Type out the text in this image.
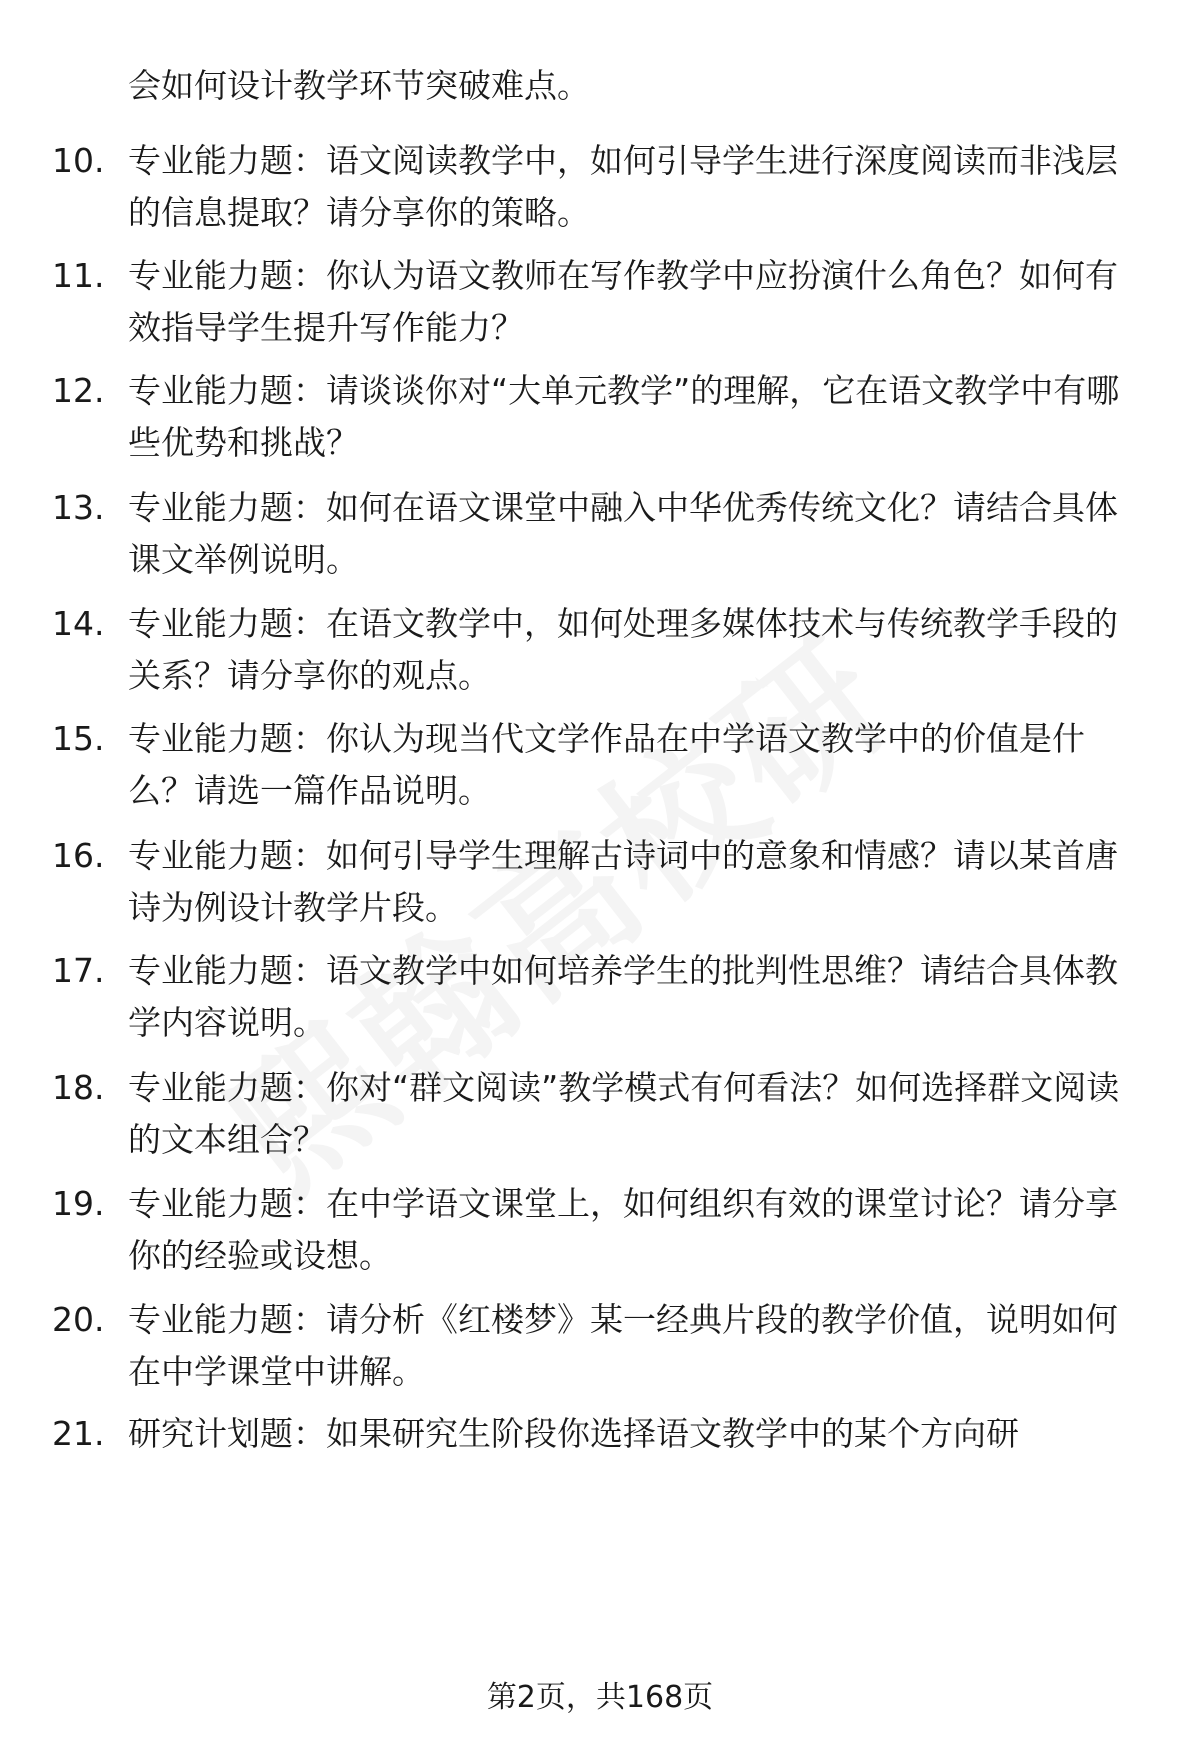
会如何设计教学环节突破难点。
10. 专业能力题：语文阅读教学中，如何引导学生进行深度阅读而非浅层的信息提取？请分享你的策略。
11. 专业能力题：你认为语文教师在写作教学中应扮演什么角色？如何有效指导学生提升写作能力？
12. 专业能力题：请谈谈你对“大单元教学”的理解，它在语文教学中有哪些优势和挑战？
13. 专业能力题：如何在语文课堂中融入中华优秀传统文化？请结合具体课文举例说明。
14. 专业能力题：在语文教学中，如何处理多媒体技术与传统教学手段的关系？请分享你的观点。
15. 专业能力题：你认为现当代文学作品在中学语文教学中的价值是什么？请选一篇作品说明。
16. 专业能力题：如何引导学生理解古诗词中的意象和情感？请以某首唐诗为例设计教学片段。
17. 专业能力题：语文教学中如何培养学生的批判性思维？请结合具体教学内容说明。
18. 专业能力题：你对“群文阅读”教学模式有何看法？如何选择群文阅读的文本组合？
19. 专业能力题：在中学语文课堂上，如何组织有效的课堂讨论？请分享你的经验或设想。
20. 专业能力题：请分析《红楼梦》某一经典片段的教学价值，说明如何在中学课堂中讲解。
21. 研究计划题：如果研究生阶段你选择语文教学中的某个方向研
第2页，共168页
